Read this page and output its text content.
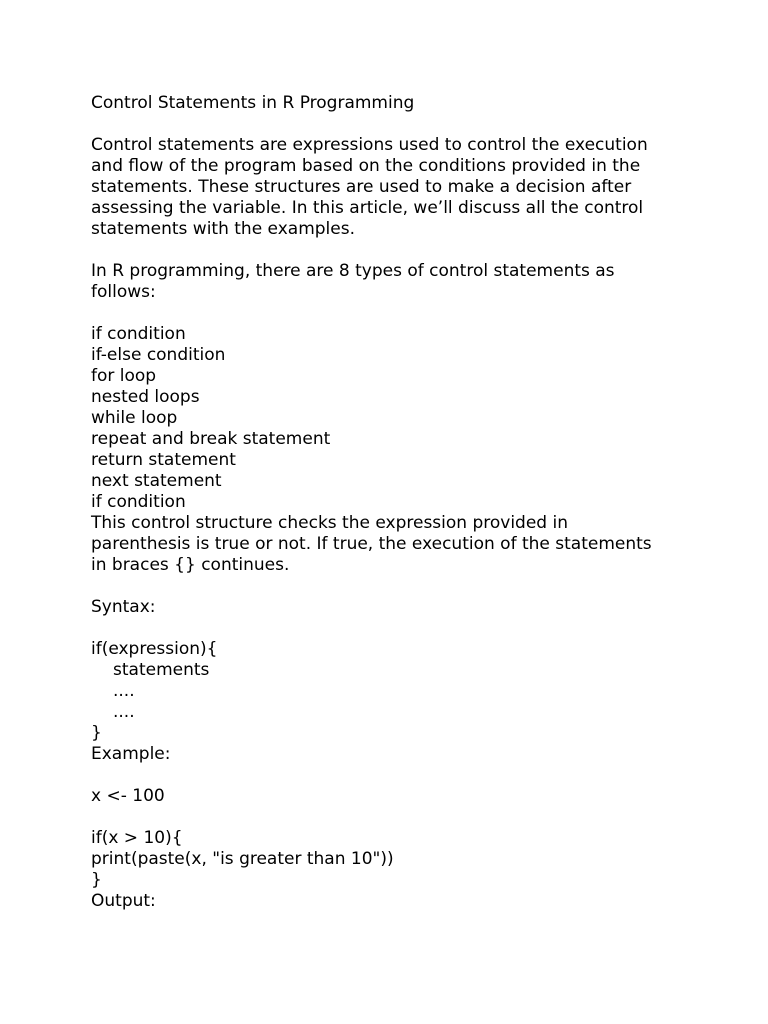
Control Statements in R Programming
Control statements are expressions used to control the execution
and flow of the program based on the conditions provided in the
statements. These structures are used to make a decision after
assessing the variable. In this article, we’ll discuss all the control
statements with the examples.
In R programming, there are 8 types of control statements as
follows:
if condition
if-else condition
for loop
nested loops
while loop
repeat and break statement
return statement
next statement
if condition
This control structure checks the expression provided in
parenthesis is true or not. If true, the execution of the statements
in braces {} continues.
Syntax:
if(expression){
statements
....
....
}
Example:
x <- 100
if(x > 10){
print(paste(x, "is greater than 10"))
}
Output:
